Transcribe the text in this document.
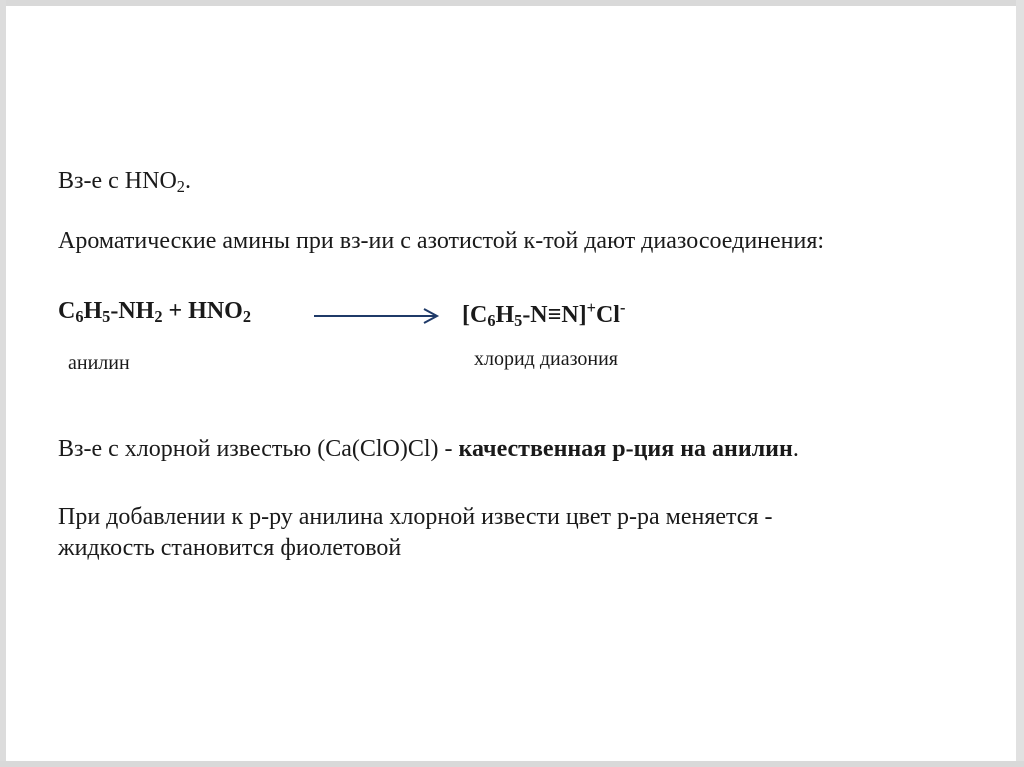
Вз-е с $HNO_2$.
Ароматические амины при вз-ии с азотистой к-той дают диазосоединения:
$C_6H_5-NH_2 + HNO_2$	$[C_6H_5-N\equiv N]^+Cl^-$
анилин	хлорид диазония
Вз-е с хлорной известью (Ca(ClO)Cl) - качественная р-ция на анилин.
При добавлении к р-ру анилина хлорной извести цвет р-ра меняется -
жидкость становится фиолетовой
